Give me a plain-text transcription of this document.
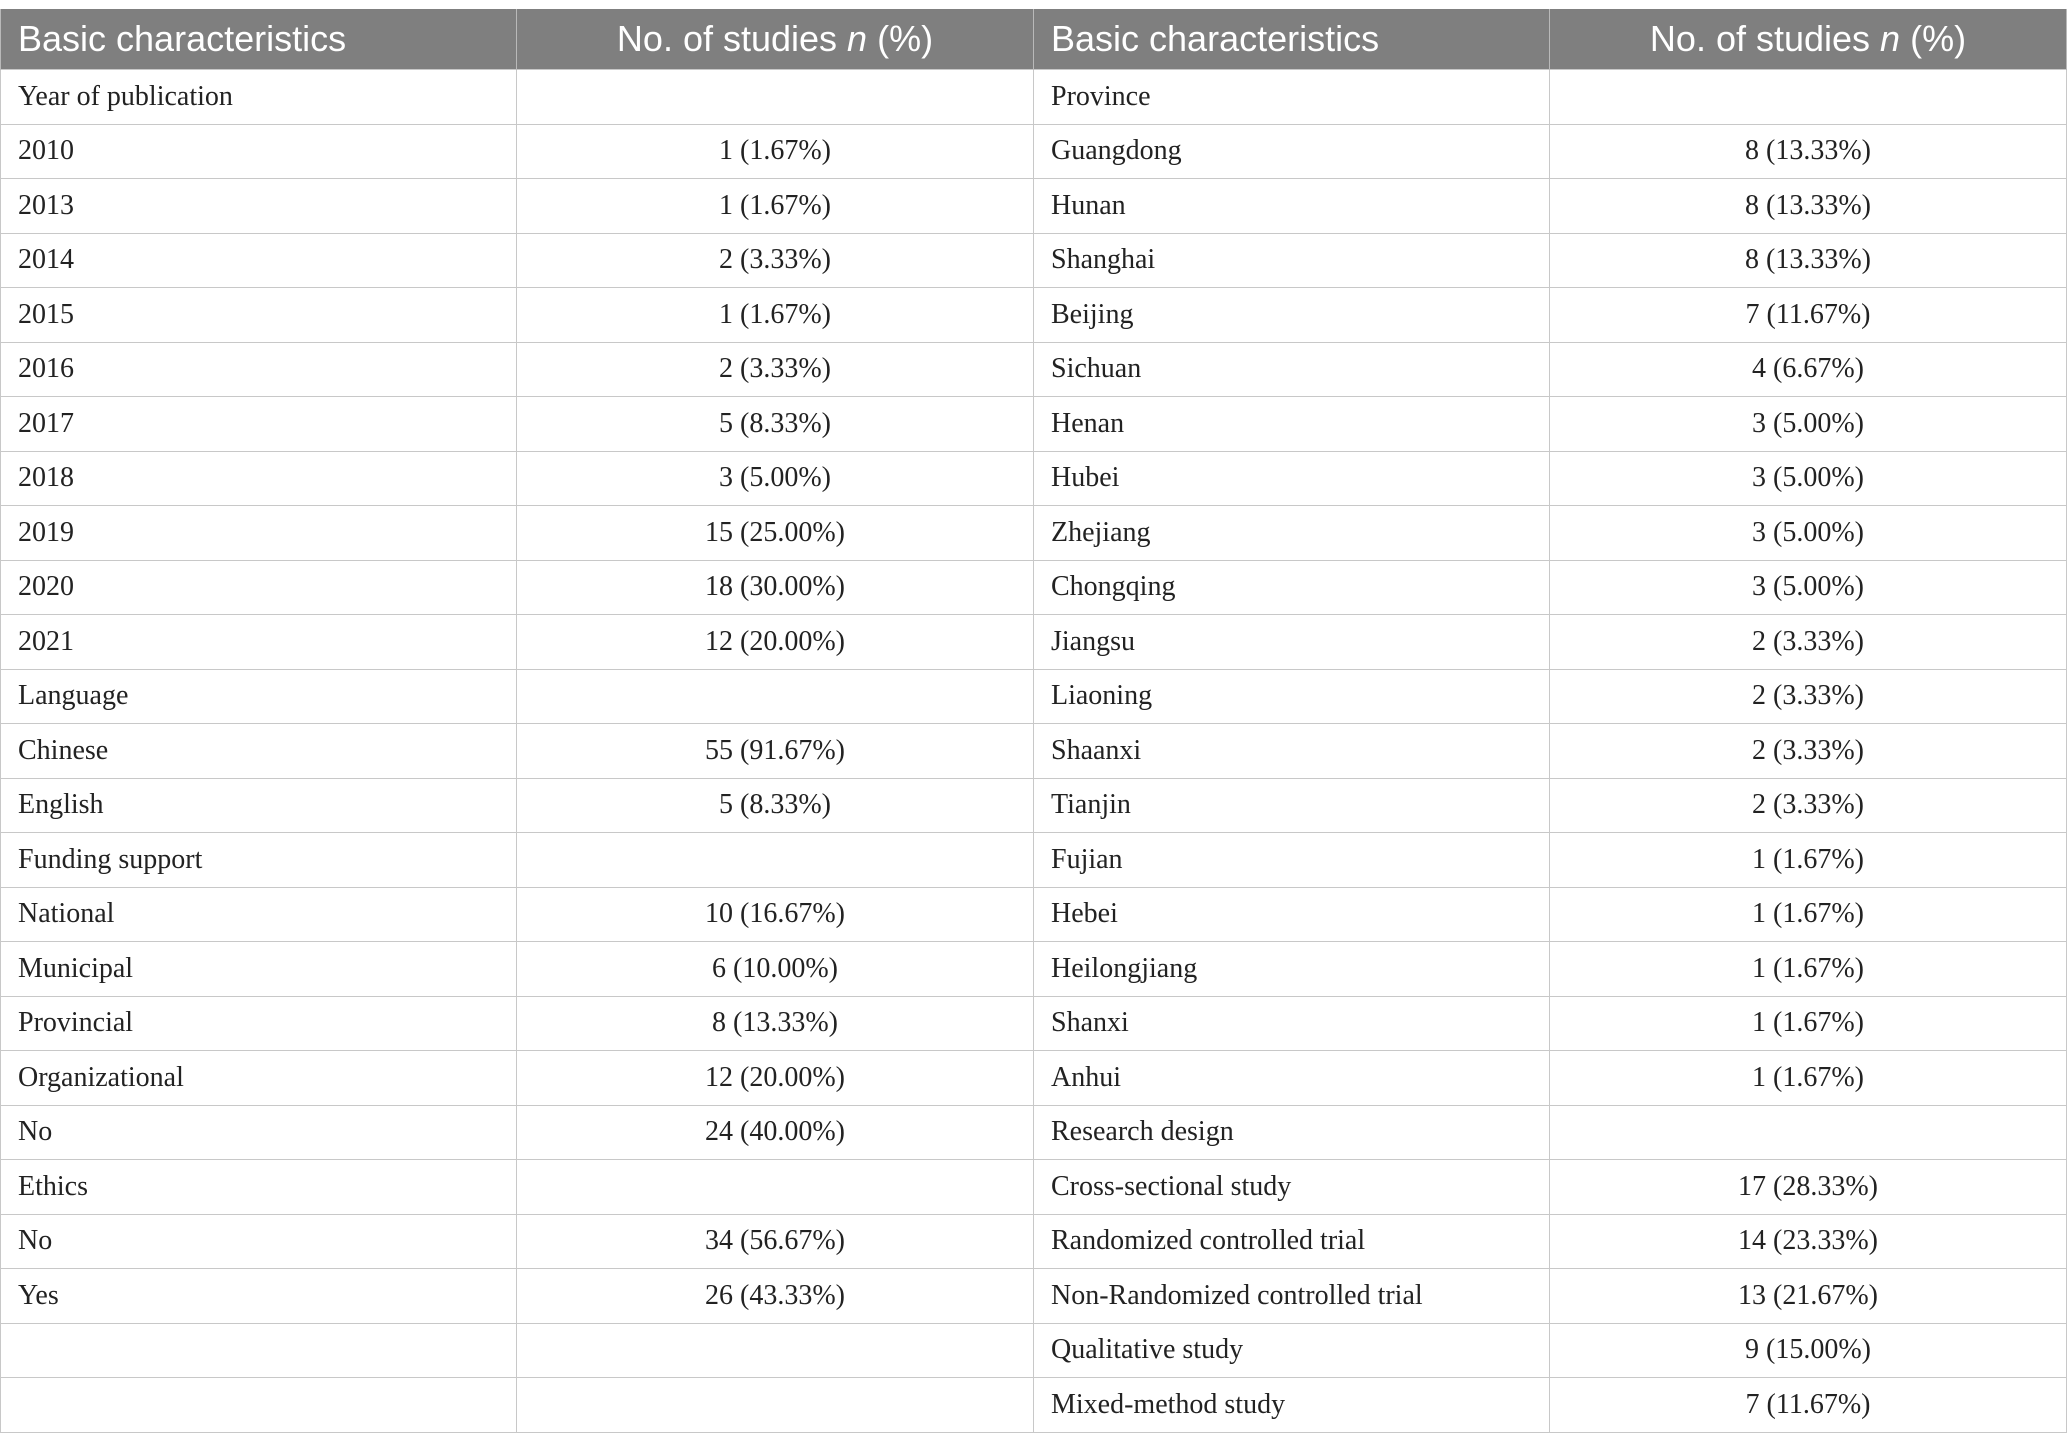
Basic characteristics	No. of studies n (%)	Basic characteristics	No. of studies n (%)
Year of publication		Province	
2010	1 (1.67%)	Guangdong	8 (13.33%)
2013	1 (1.67%)	Hunan	8 (13.33%)
2014	2 (3.33%)	Shanghai	8 (13.33%)
2015	1 (1.67%)	Beijing	7 (11.67%)
2016	2 (3.33%)	Sichuan	4 (6.67%)
2017	5 (8.33%)	Henan	3 (5.00%)
2018	3 (5.00%)	Hubei	3 (5.00%)
2019	15 (25.00%)	Zhejiang	3 (5.00%)
2020	18 (30.00%)	Chongqing	3 (5.00%)
2021	12 (20.00%)	Jiangsu	2 (3.33%)
Language		Liaoning	2 (3.33%)
Chinese	55 (91.67%)	Shaanxi	2 (3.33%)
English	5 (8.33%)	Tianjin	2 (3.33%)
Funding support		Fujian	1 (1.67%)
National	10 (16.67%)	Hebei	1 (1.67%)
Municipal	6 (10.00%)	Heilongjiang	1 (1.67%)
Provincial	8 (13.33%)	Shanxi	1 (1.67%)
Organizational	12 (20.00%)	Anhui	1 (1.67%)
No	24 (40.00%)	Research design	
Ethics		Cross-sectional study	17 (28.33%)
No	34 (56.67%)	Randomized controlled trial	14 (23.33%)
Yes	26 (43.33%)	Non-Randomized controlled trial	13 (21.67%)
		Qualitative study	9 (15.00%)
		Mixed-method study	7 (11.67%)
